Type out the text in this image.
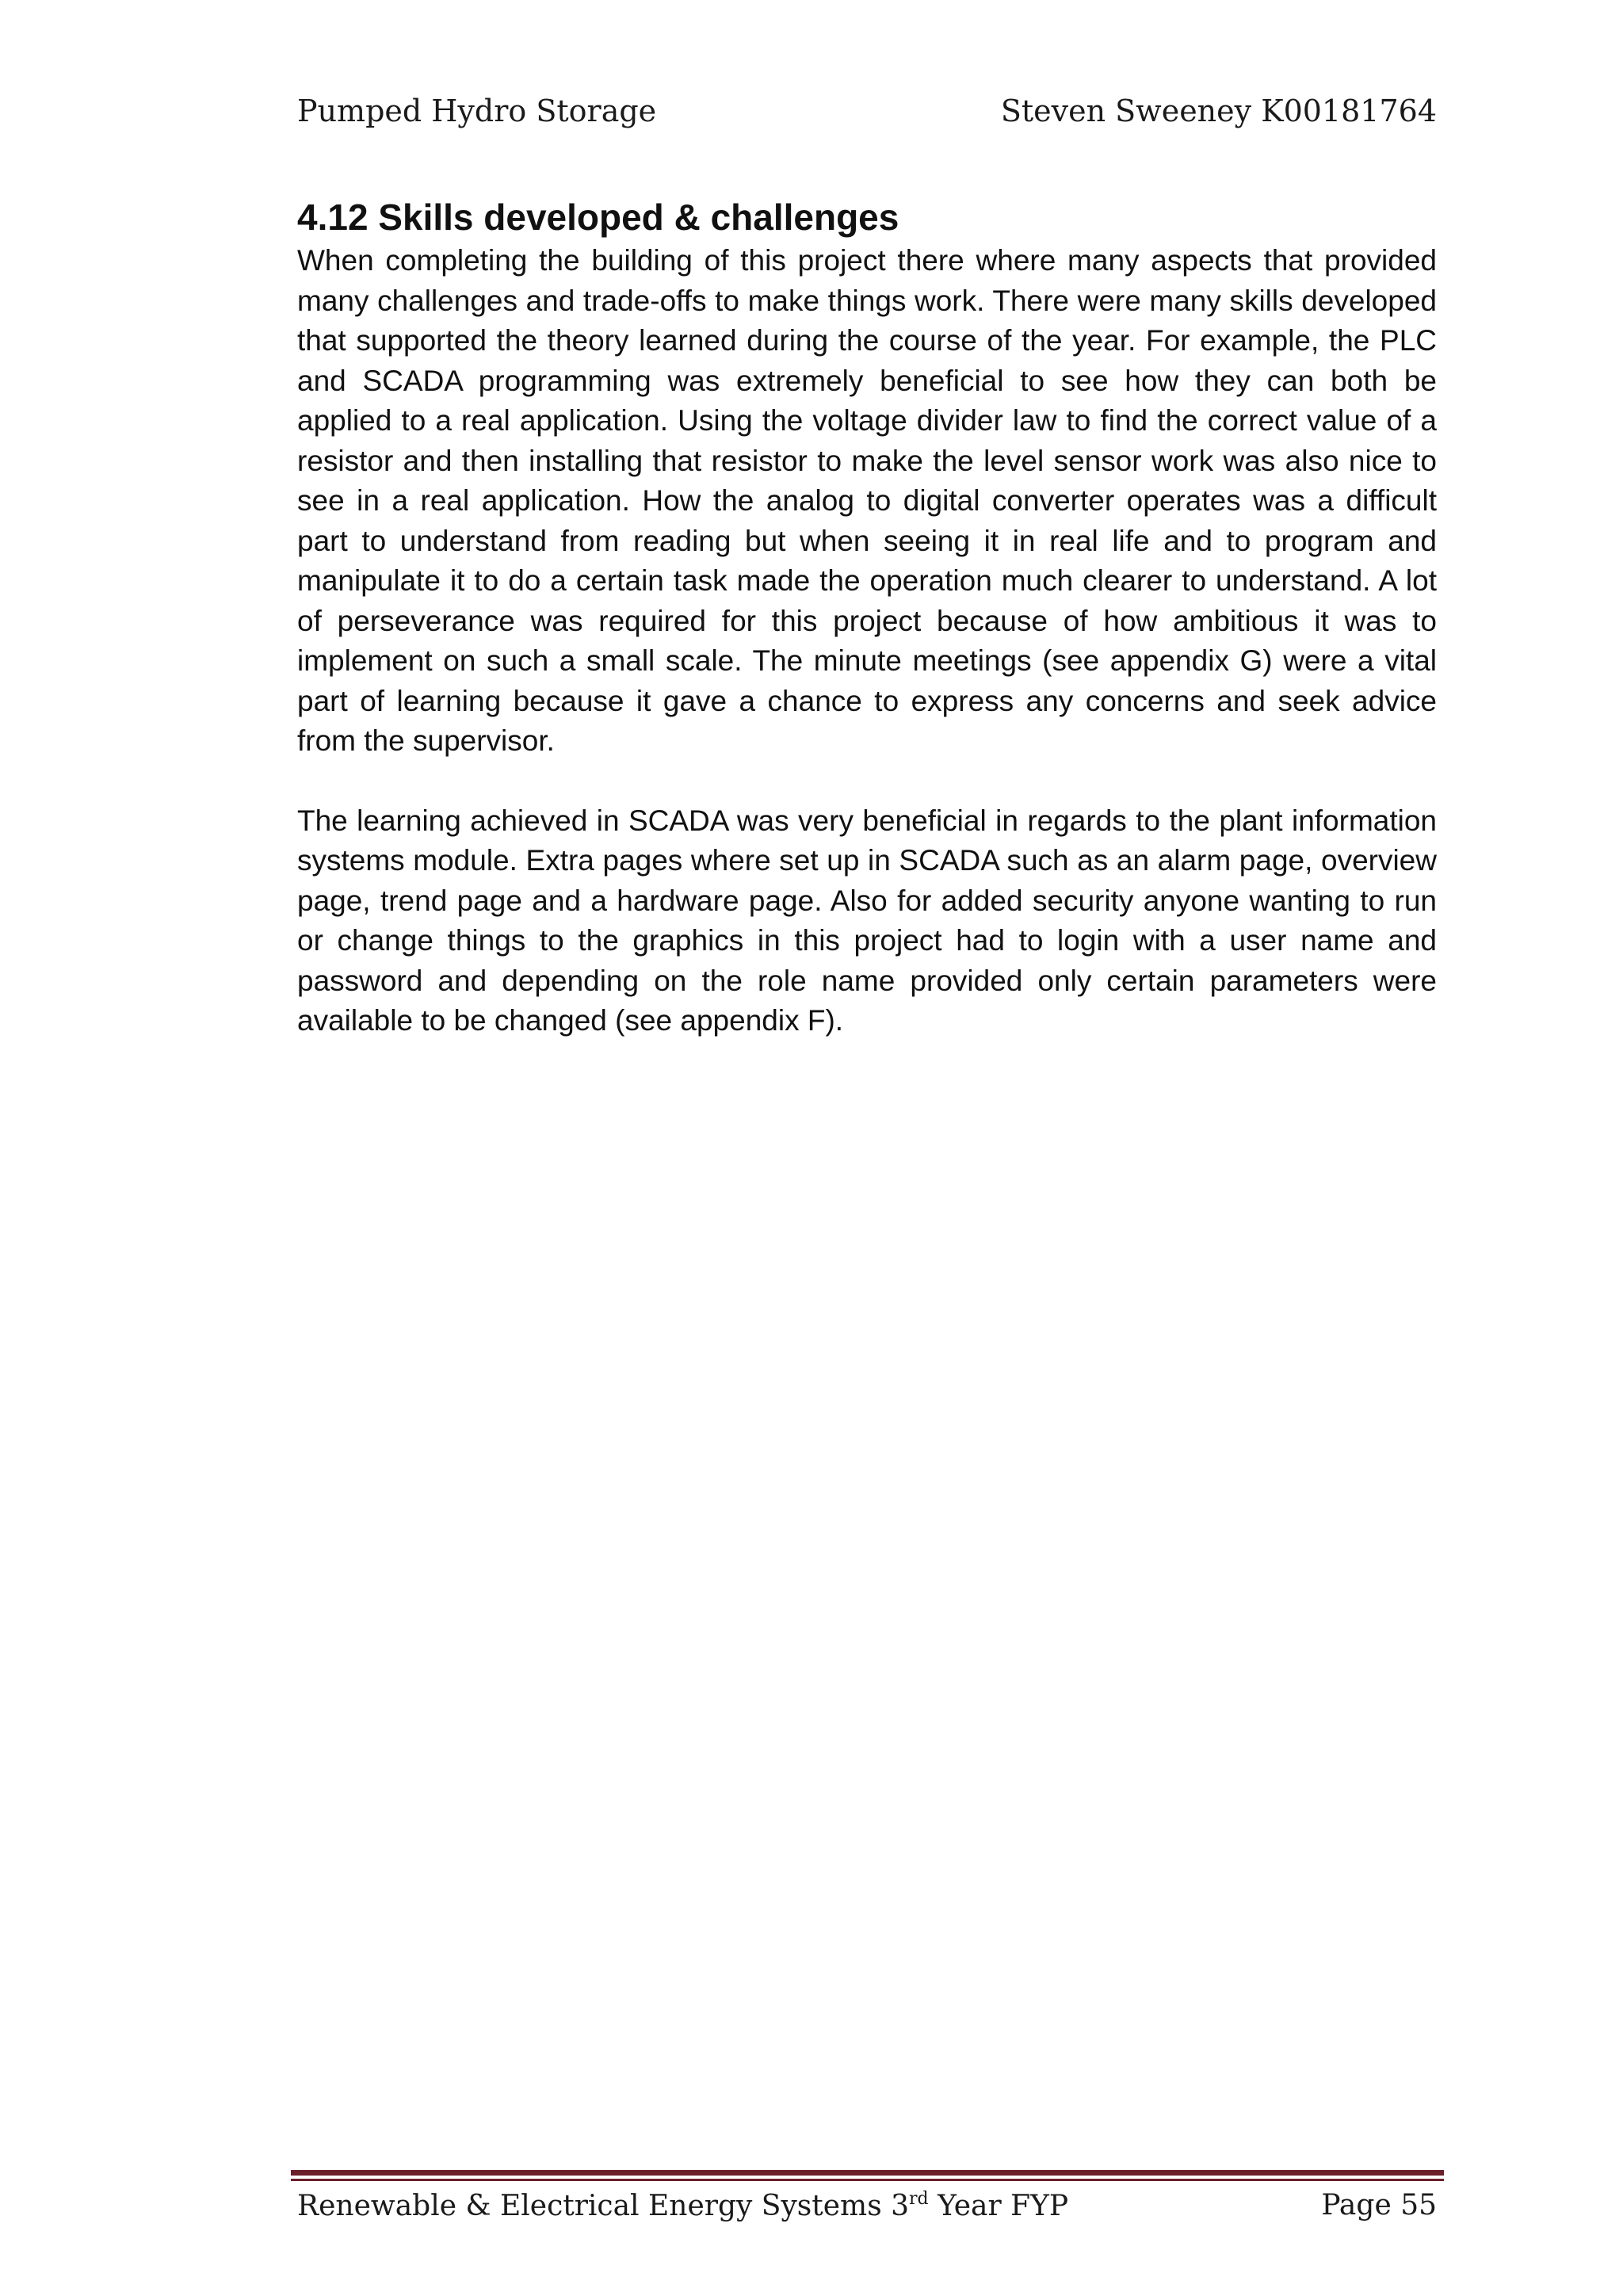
Pumped Hydro Storage	Steven Sweeney K00181764
4.12 Skills developed & challenges

When completing the building of this project there where many aspects that provided many challenges and trade-offs to make things work. There were many skills developed that supported the theory learned during the course of the year. For example, the PLC and SCADA programming was extremely beneficial to see how they can both be applied to a real application. Using the voltage divider law to find the correct value of a resistor and then installing that resistor to make the level sensor work was also nice to see in a real application. How the analog to digital converter operates was a difficult part to understand from reading but when seeing it in real life and to program and manipulate it to do a certain task made the operation much clearer to understand. A lot of perseverance was required for this project because of how ambitious it was to implement on such a small scale. The minute meetings (see appendix G) were a vital part of learning because it gave a chance to express any concerns and seek advice from the supervisor.

The learning achieved in SCADA was very beneficial in regards to the plant information systems module. Extra pages where set up in SCADA such as an alarm page, overview page, trend page and a hardware page. Also for added security anyone wanting to run or change things to the graphics in this project had to login with a user name and password and depending on the role name provided only certain parameters were available to be changed (see appendix F).

Renewable & Electrical Energy Systems 3rd Year FYP	Page 55
